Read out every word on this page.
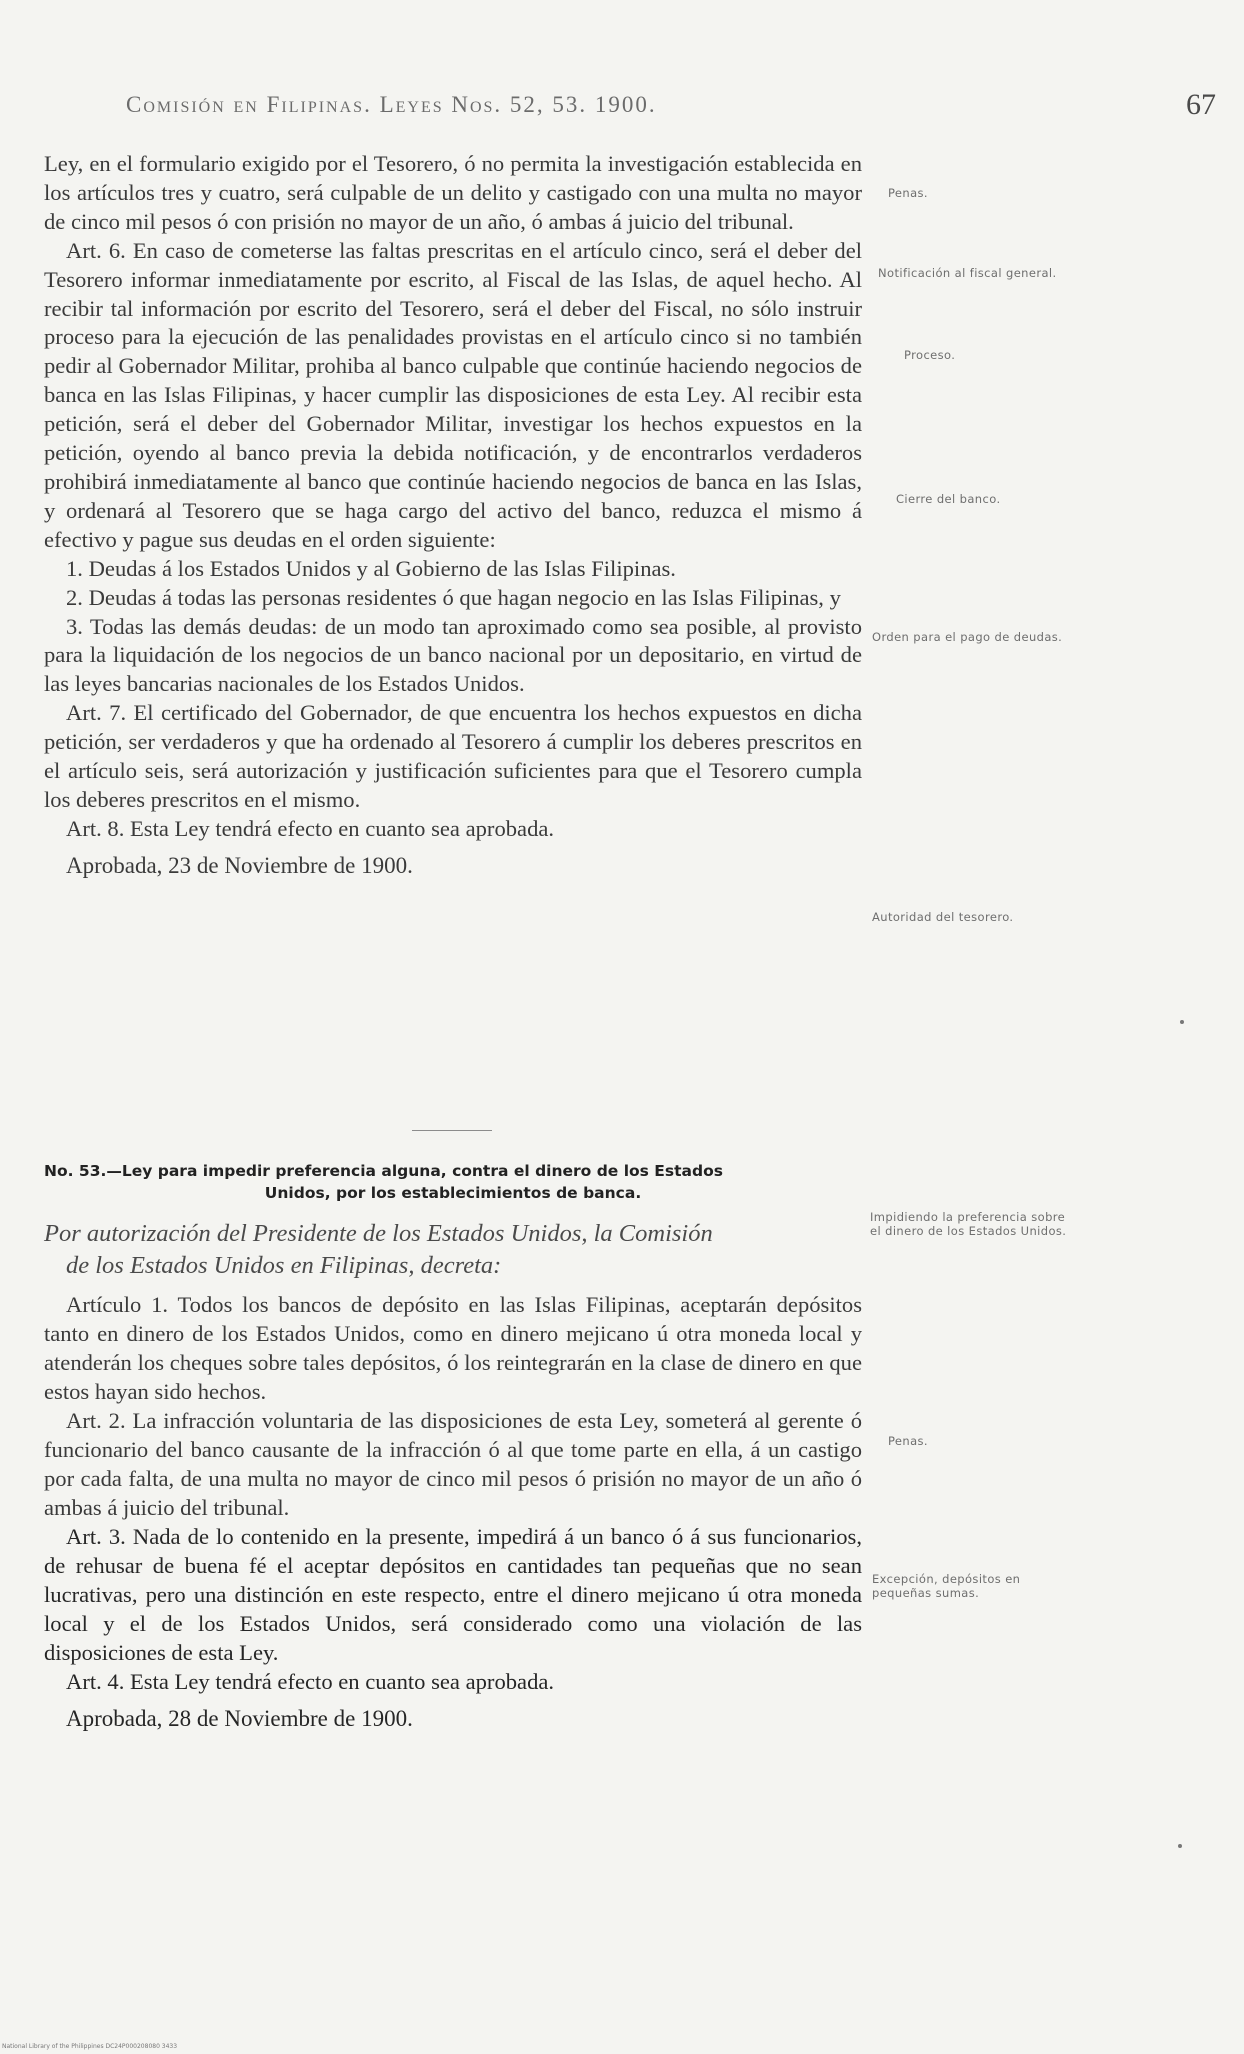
Comisión en Filipinas. Leyes Nos. 52, 53. 1900.	67

Ley, en el formulario exigido por el Tesorero, ó no permita la investigación establecida en los artículos tres y cuatro, será culpable de un delito y castigado con una multa no mayor de cinco mil pesos ó con prisión no mayor de un año, ó ambas á juicio del tribunal.

Art. 6. En caso de cometerse las faltas prescritas en el artículo cinco, será el deber del Tesorero informar inmediatamente por escrito, al Fiscal de las Islas, de aquel hecho. Al recibir tal información por escrito del Tesorero, será el deber del Fiscal, no sólo instruir proceso para la ejecución de las penalidades provistas en el artículo cinco si no también pedir al Gobernador Militar, prohiba al banco culpable que continúe haciendo negocios de banca en las Islas Filipinas, y hacer cumplir las disposiciones de esta Ley. Al recibir esta petición, será el deber del Gobernador Militar, investigar los hechos expuestos en la petición, oyendo al banco previa la debida notificación, y de encontrarlos verdaderos prohibirá inmediatamente al banco que continúe haciendo negocios de banca en las Islas, y ordenará al Tesorero que se haga cargo del activo del banco, reduzca el mismo á efectivo y pague sus deudas en el orden siguiente:

1. Deudas á los Estados Unidos y al Gobierno de las Islas Filipinas.

2. Deudas á todas las personas residentes ó que hagan negocio en las Islas Filipinas, y

3. Todas las demás deudas: de un modo tan aproximado como sea posible, al provisto para la liquidación de los negocios de un banco nacional por un depositario, en virtud de las leyes bancarias nacionales de los Estados Unidos.

Art. 7. El certificado del Gobernador, de que encuentra los hechos expuestos en dicha petición, ser verdaderos y que ha ordenado al Tesorero á cumplir los deberes prescritos en el artículo seis, será autorización y justificación suficientes para que el Tesorero cumpla los deberes prescritos en el mismo.

Art. 8. Esta Ley tendrá efecto en cuanto sea aprobada.

Aprobada, 23 de Noviembre de 1900.

No. 53.—Ley para impedir preferencia alguna, contra el dinero de los Estados
Unidos, por los establecimientos de banca.
Por autorización del Presidente de los Estados Unidos, la Comisión
de los Estados Unidos en Filipinas, decreta:

Artículo 1. Todos los bancos de depósito en las Islas Filipinas, aceptarán depósitos tanto en dinero de los Estados Unidos, como en dinero mejicano ú otra moneda local y atenderán los cheques sobre tales depósitos, ó los reintegrarán en la clase de dinero en que estos hayan sido hechos.

Art. 2. La infracción voluntaria de las disposiciones de esta Ley, someterá al gerente ó funcionario del banco causante de la infracción ó al que tome parte en ella, á un castigo por cada falta, de una multa no mayor de cinco mil pesos ó prisión no mayor de un año ó ambas á juicio del tribunal.

Art. 3. Nada de lo contenido en la presente, impedirá á un banco ó á sus funcionarios, de rehusar de buena fé el aceptar depósitos en cantidades tan pequeñas que no sean lucrativas, pero una distinción en este respecto, entre el dinero mejicano ú otra moneda local y el de los Estados Unidos, será considerado como una violación de las disposiciones de esta Ley.

Art. 4. Esta Ley tendrá efecto en cuanto sea aprobada.

Aprobada, 28 de Noviembre de 1900.

Penas.
Notificación al fiscal general.
Proceso.
Cierre del banco.
Orden para el pago de deudas.
Autoridad del tesorero.
Impidiendo la preferencia sobre el dinero de los Estados Unidos.
Penas.
Excepción, depósitos en pequeñas sumas.
National Library of the Philippines DC24P000208080 3433
